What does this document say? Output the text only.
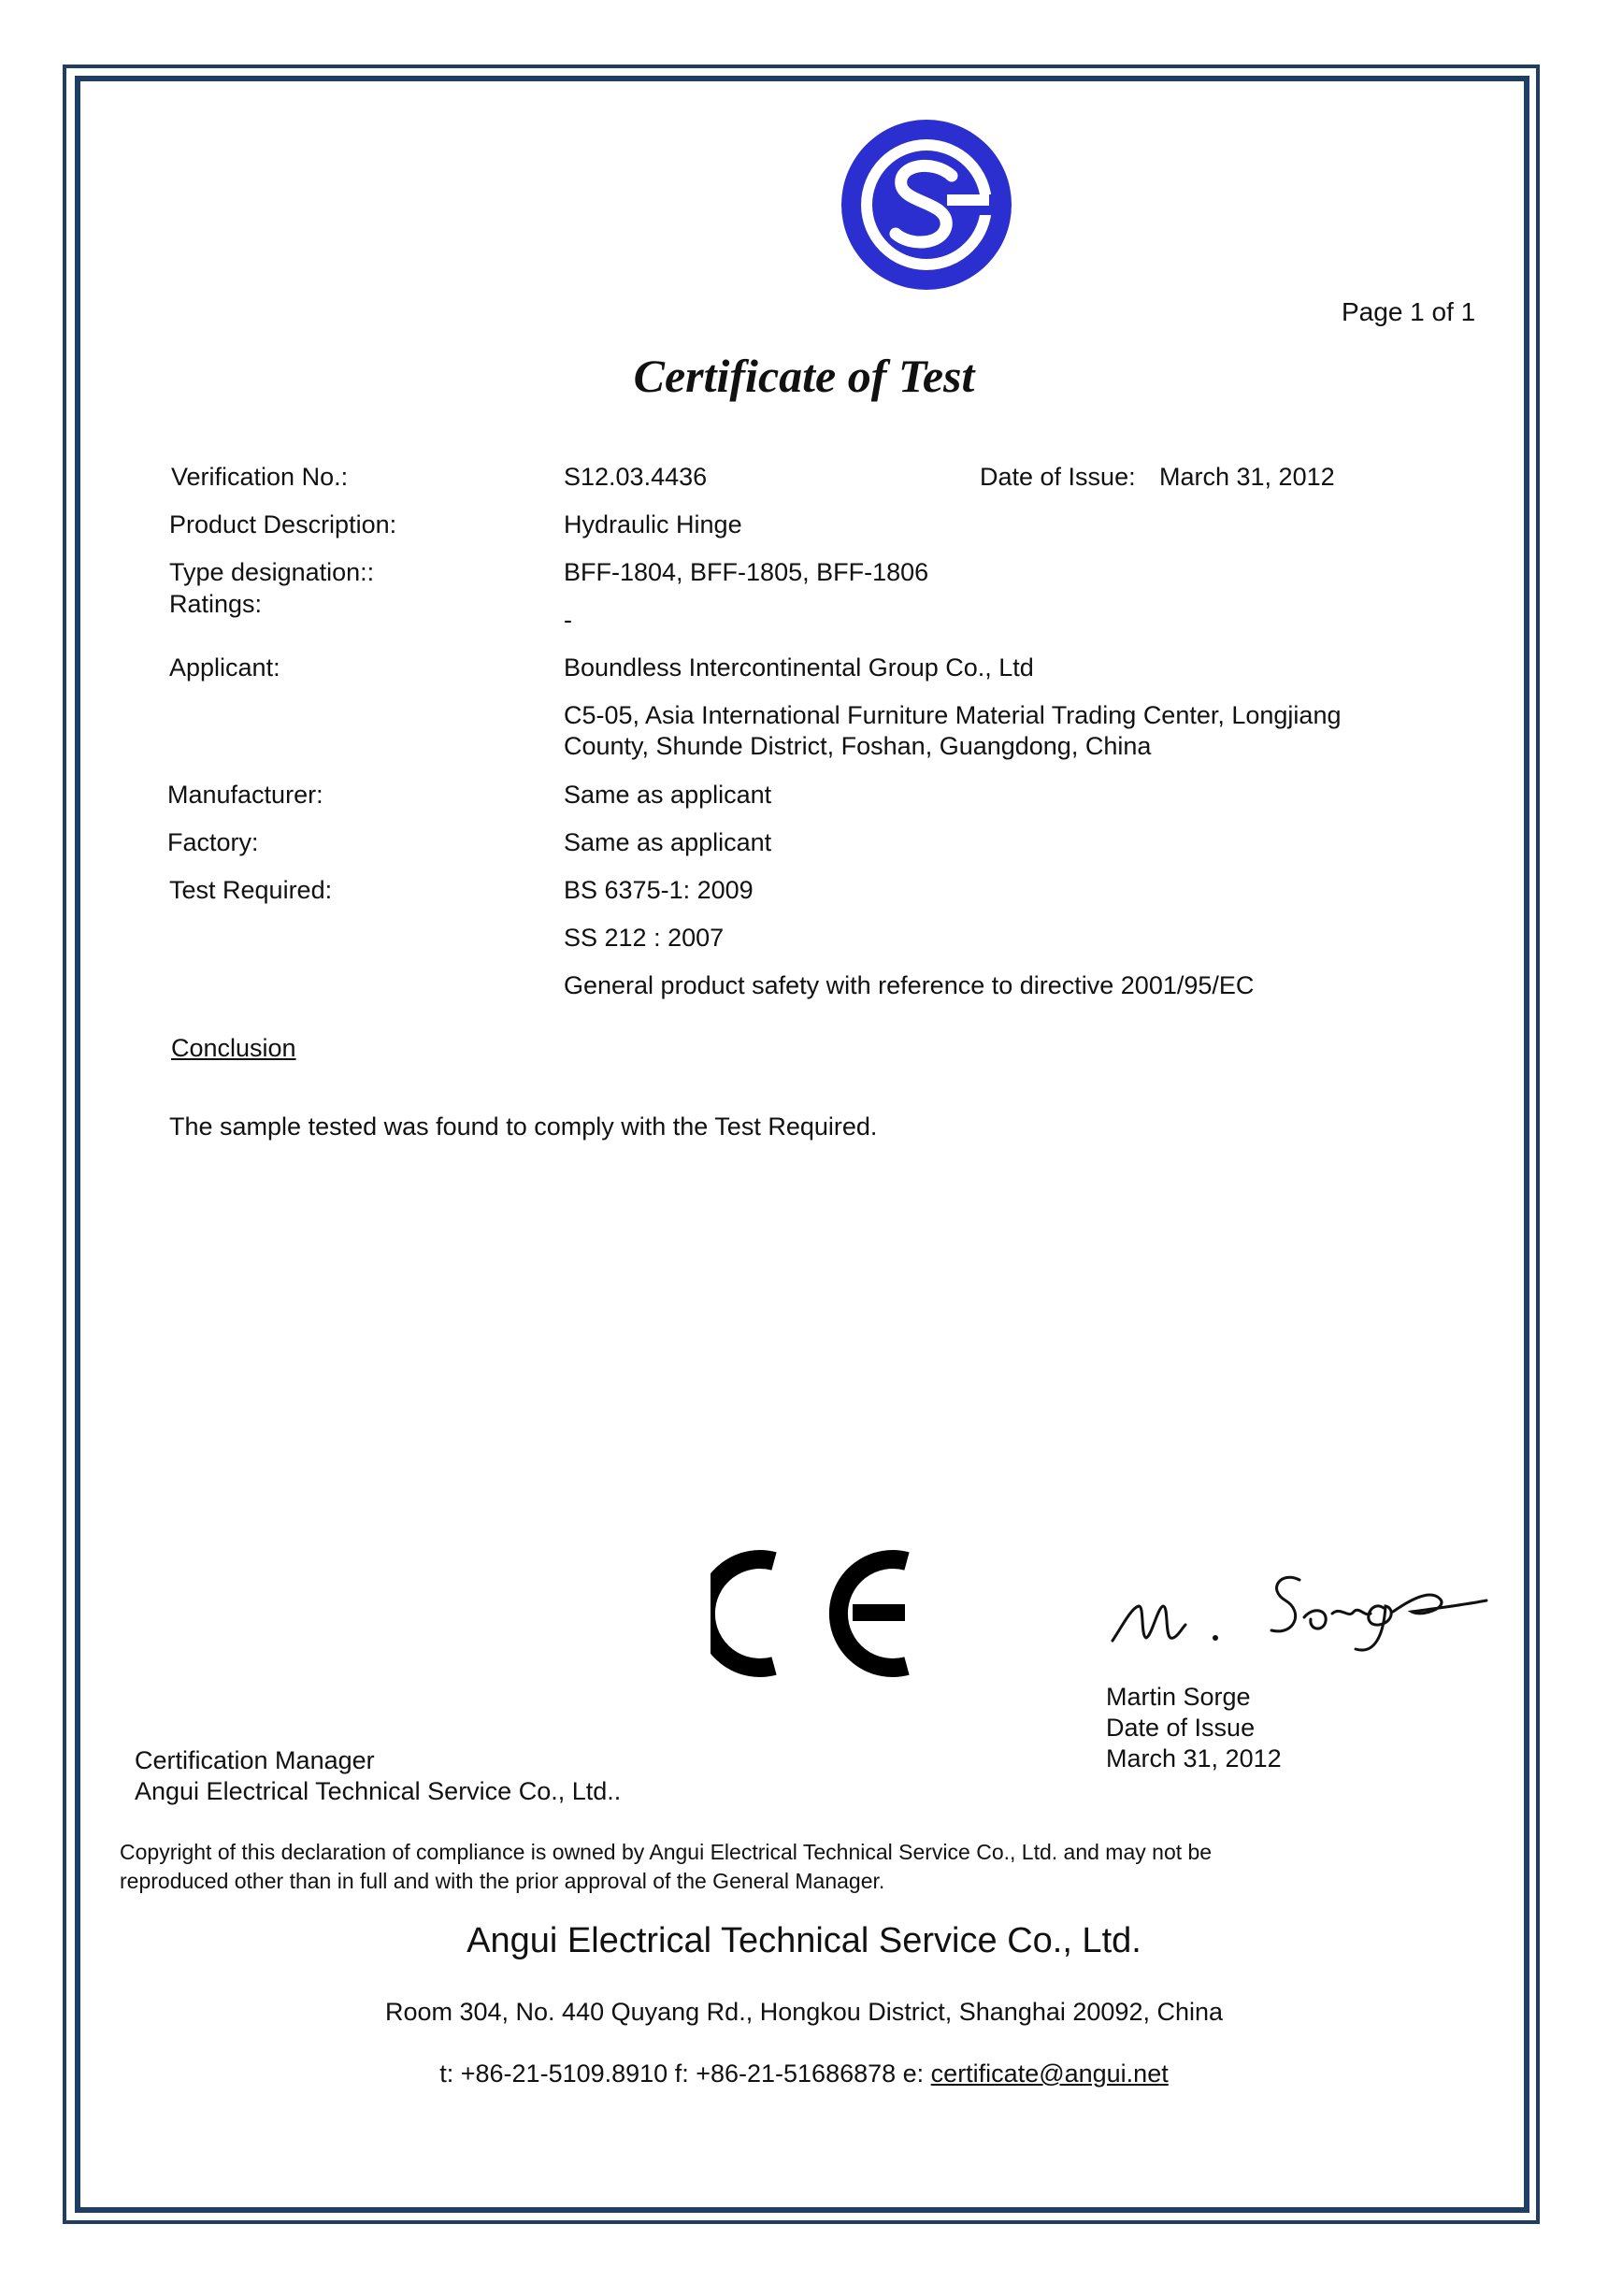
Page 1 of 1
Certificate of Test
Verification No.:	S12.03.4436	Date of Issue: March 31, 2012
Product Description:	Hydraulic Hinge
Type designation::	BFF-1804, BFF-1805, BFF-1806
Ratings:
-
Applicant:	Boundless Intercontinental Group Co., Ltd
C5-05, Asia International Furniture Material Trading Center, Longjiang
County, Shunde District, Foshan, Guangdong, China
Manufacturer:	Same as applicant
Factory:	Same as applicant
Test Required:	BS 6375-1: 2009
SS 212 : 2007
General product safety with reference to directive 2001/95/EC
Conclusion
The sample tested was found to comply with the Test Required.
Martin Sorge
Date of Issue
March 31, 2012
Certification Manager
Angui Electrical Technical Service Co., Ltd..
Copyright of this declaration of compliance is owned by Angui Electrical Technical Service Co., Ltd. and may not be
reproduced other than in full and with the prior approval of the General Manager.
Angui Electrical Technical Service Co., Ltd.
Room 304, No. 440 Quyang Rd., Hongkou District, Shanghai 20092, China
t: +86-21-5109.8910 f: +86-21-51686878 e: certificate@angui.net
